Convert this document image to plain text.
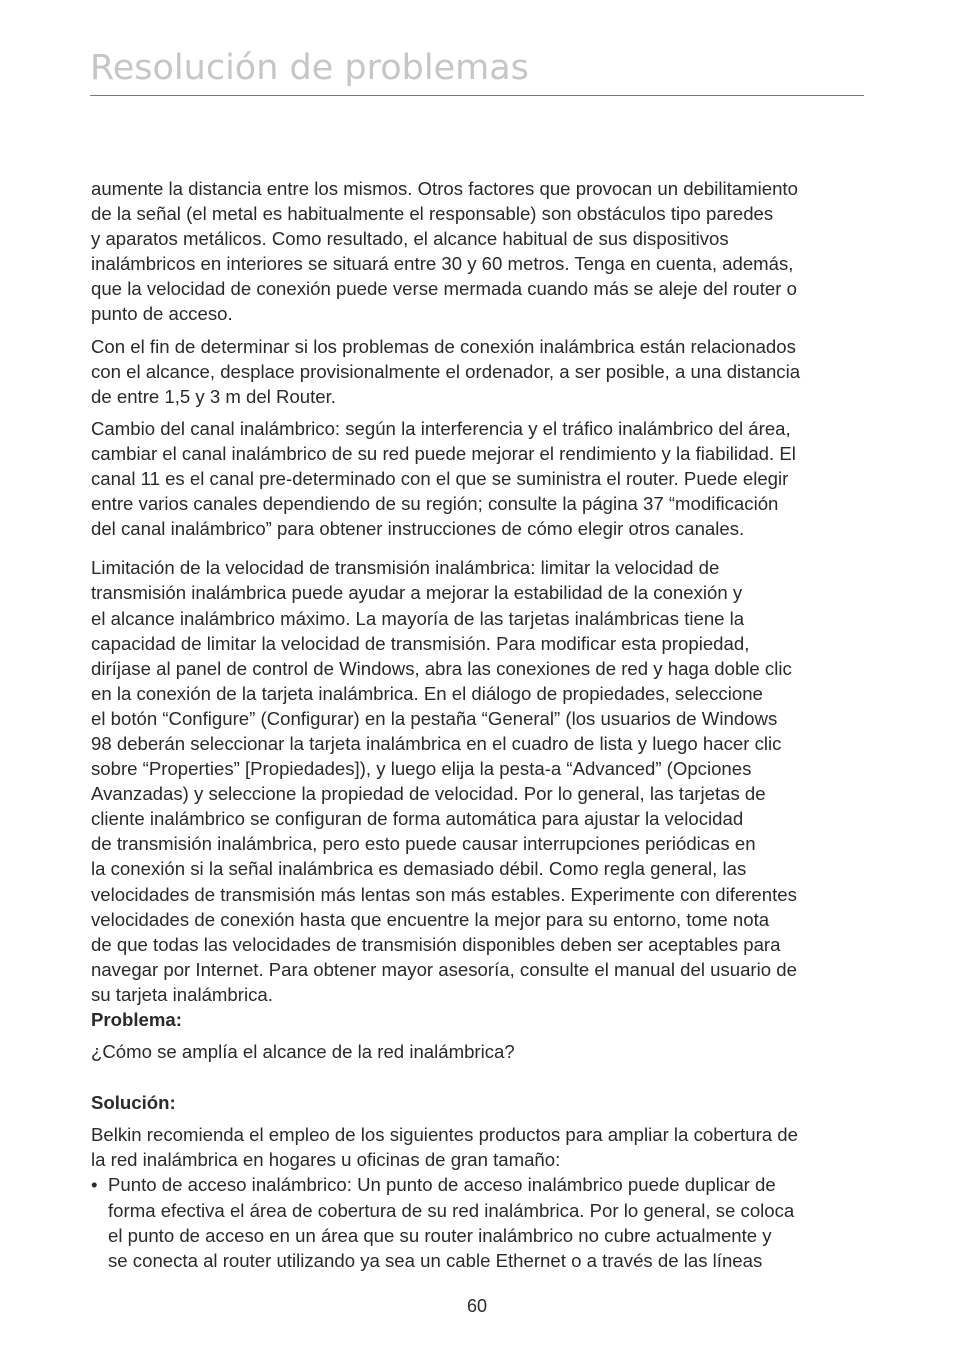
Resolución de problemas

aumente la distancia entre los mismos. Otros factores que provocan un debilitamiento
de la señal (el metal es habitualmente el responsable) son obstáculos tipo paredes
y aparatos metálicos. Como resultado, el alcance habitual de sus dispositivos
inalámbricos en interiores se situará entre 30 y 60 metros. Tenga en cuenta, además,
que la velocidad de conexión puede verse mermada cuando más se aleje del router o
punto de acceso.

Con el fin de determinar si los problemas de conexión inalámbrica están relacionados
con el alcance, desplace provisionalmente el ordenador, a ser posible, a una distancia
de entre 1,5 y 3 m del Router.

Cambio del canal inalámbrico: según la interferencia y el tráfico inalámbrico del área,
cambiar el canal inalámbrico de su red puede mejorar el rendimiento y la fiabilidad. El
canal 11 es el canal pre-determinado con el que se suministra el router. Puede elegir
entre varios canales dependiendo de su región; consulte la página 37 “modificación
del canal inalámbrico” para obtener instrucciones de cómo elegir otros canales.

Limitación de la velocidad de transmisión inalámbrica: limitar la velocidad de
transmisión inalámbrica puede ayudar a mejorar la estabilidad de la conexión y
el alcance inalámbrico máximo. La mayoría de las tarjetas inalámbricas tiene la
capacidad de limitar la velocidad de transmisión. Para modificar esta propiedad,
diríjase al panel de control de Windows, abra las conexiones de red y haga doble clic
en la conexión de la tarjeta inalámbrica. En el diálogo de propiedades, seleccione
el botón “Configure” (Configurar) en la pestaña “General” (los usuarios de Windows
98 deberán seleccionar la tarjeta inalámbrica en el cuadro de lista y luego hacer clic
sobre “Properties” [Propiedades]), y luego elija la pesta-a “Advanced” (Opciones
Avanzadas) y seleccione la propiedad de velocidad. Por lo general, las tarjetas de
cliente inalámbrico se configuran de forma automática para ajustar la velocidad
de transmisión inalámbrica, pero esto puede causar interrupciones periódicas en
la conexión si la señal inalámbrica es demasiado débil. Como regla general, las
velocidades de transmisión más lentas son más estables. Experimente con diferentes
velocidades de conexión hasta que encuentre la mejor para su entorno, tome nota
de que todas las velocidades de transmisión disponibles deben ser aceptables para
navegar por Internet. Para obtener mayor asesoría, consulte el manual del usuario de
su tarjeta inalámbrica.

Problema:

¿Cómo se amplía el alcance de la red inalámbrica?

Solución:

Belkin recomienda el empleo de los siguientes productos para ampliar la cobertura de
la red inalámbrica en hogares u oficinas de gran tamaño:

• Punto de acceso inalámbrico: Un punto de acceso inalámbrico puede duplicar de
forma efectiva el área de cobertura de su red inalámbrica. Por lo general, se coloca
el punto de acceso en un área que su router inalámbrico no cubre actualmente y
se conecta al router utilizando ya sea un cable Ethernet o a través de las líneas

60
